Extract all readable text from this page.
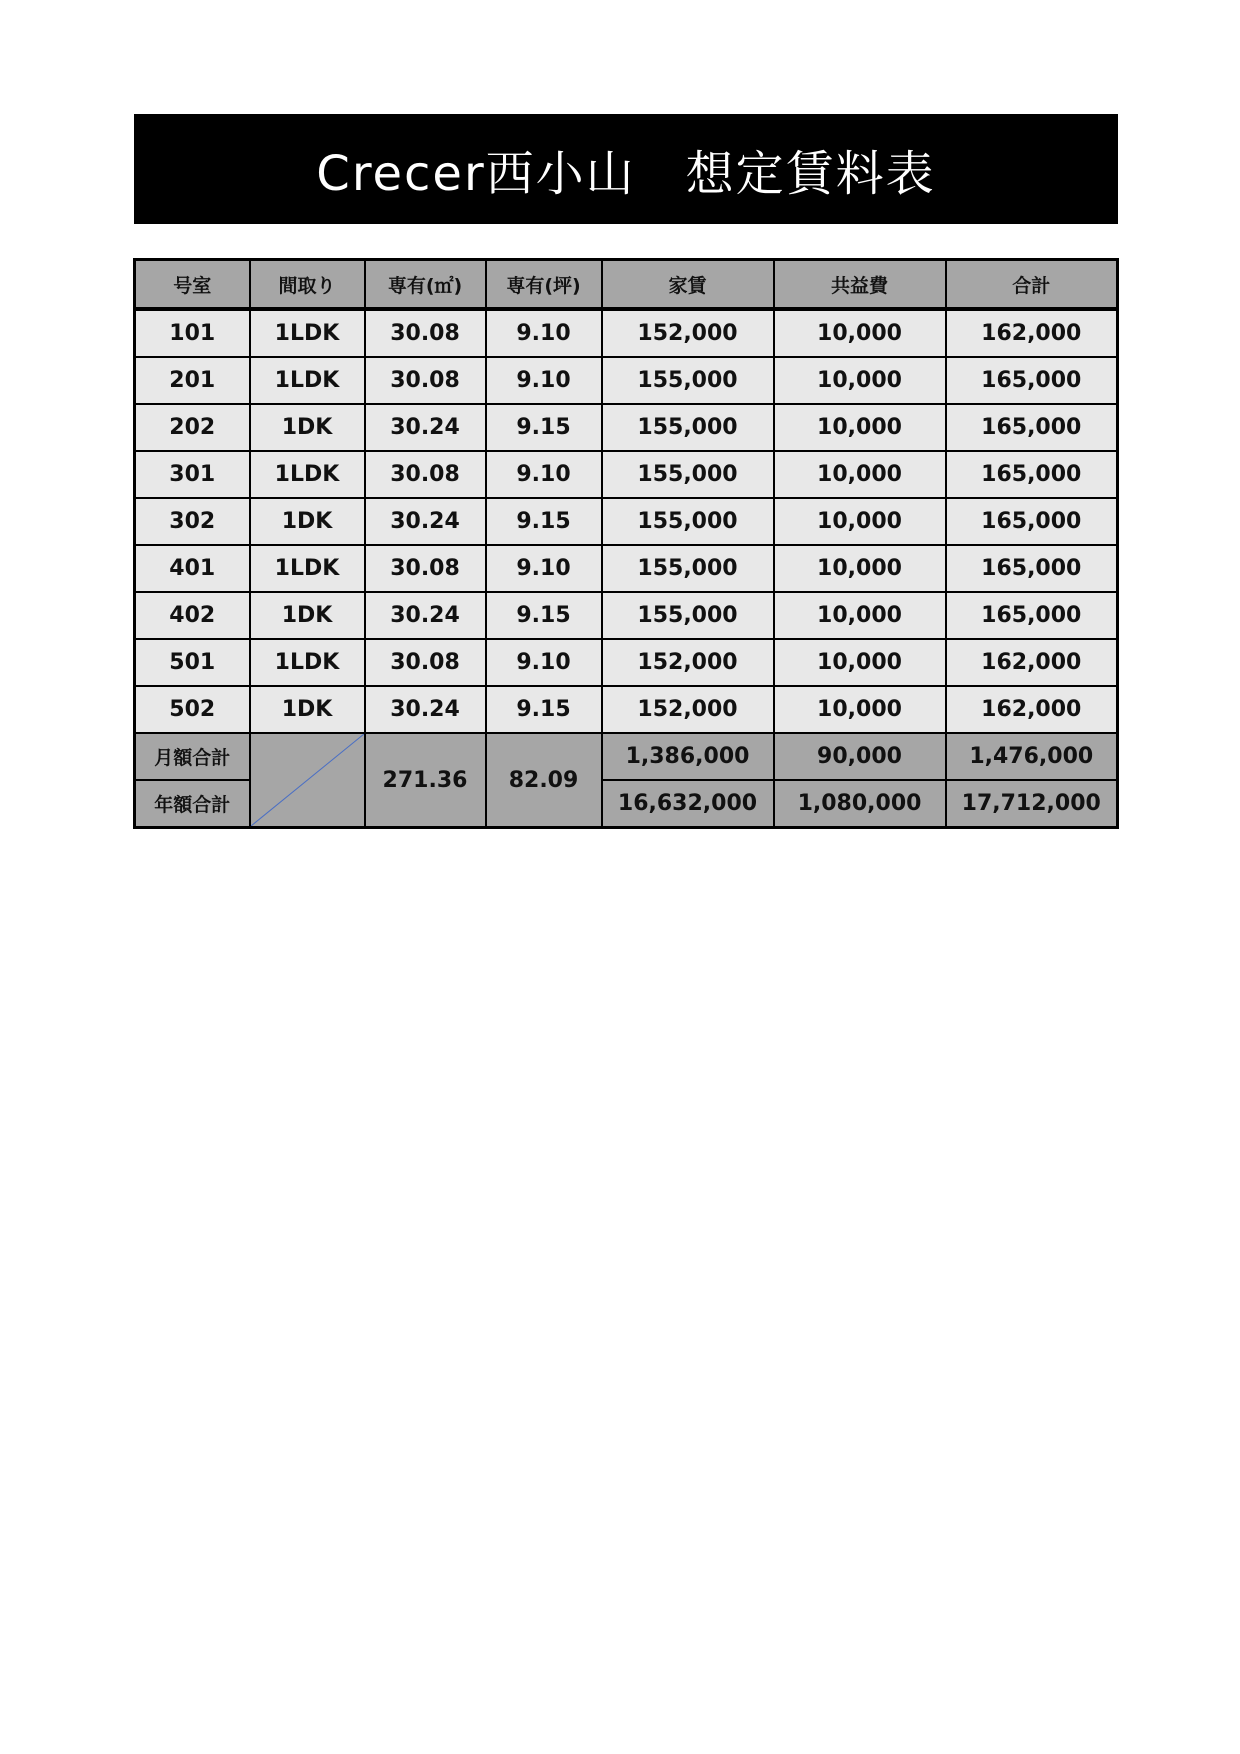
Crecer西小山　想定賃料表
号室	間取り	専有(㎡)	専有(坪)	家賃	共益費	合計
101	1LDK	30.08	9.10	152,000	10,000	162,000
201	1LDK	30.08	9.10	155,000	10,000	165,000
202	1DK	30.24	9.15	155,000	10,000	165,000
301	1LDK	30.08	9.10	155,000	10,000	165,000
302	1DK	30.24	9.15	155,000	10,000	165,000
401	1LDK	30.08	9.10	155,000	10,000	165,000
402	1DK	30.24	9.15	155,000	10,000	165,000
501	1LDK	30.08	9.10	152,000	10,000	162,000
502	1DK	30.24	9.15	152,000	10,000	162,000
月額合計		271.36	82.09	1,386,000	90,000	1,476,000
年額合計				16,632,000	1,080,000	17,712,000
